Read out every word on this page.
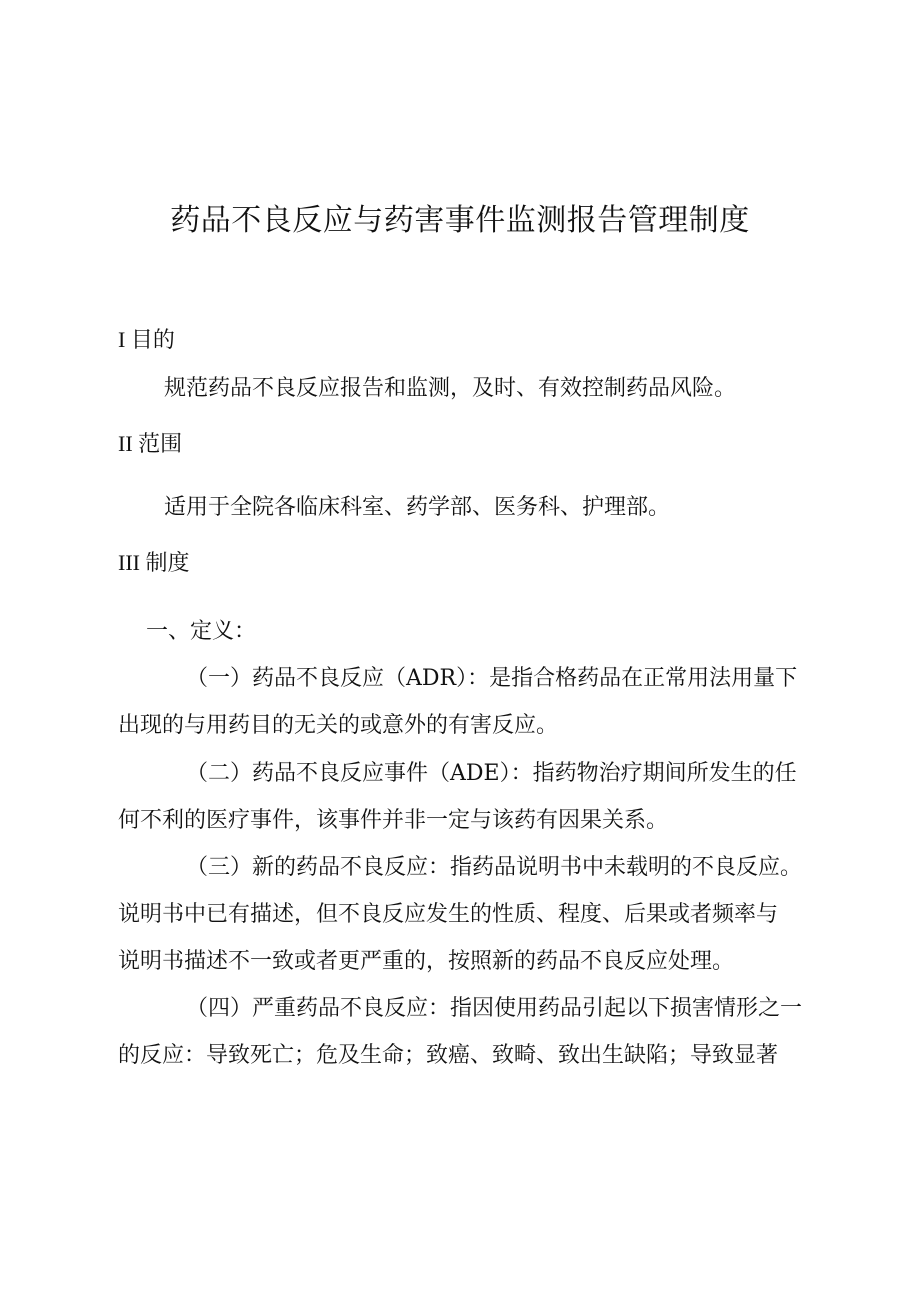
药品不良反应与药害事件监测报告管理制度
I 目的
规范药品不良反应报告和监测，及时、有效控制药品风险。
II 范围
适用于全院各临床科室、药学部、医务科、护理部。
III 制度
一、定义：
（一）药品不良反应（ADR）：是指合格药品在正常用法用量下
出现的与用药目的无关的或意外的有害反应。
（二）药品不良反应事件（ADE）：指药物治疗期间所发生的任
何不利的医疗事件，该事件并非一定与该药有因果关系。
（三）新的药品不良反应：指药品说明书中未载明的不良反应。
说明书中已有描述，但不良反应发生的性质、程度、后果或者频率与
说明书描述不一致或者更严重的，按照新的药品不良反应处理。
（四）严重药品不良反应：指因使用药品引起以下损害情形之一
的反应：导致死亡；危及生命；致癌、致畸、致出生缺陷；导致显著
